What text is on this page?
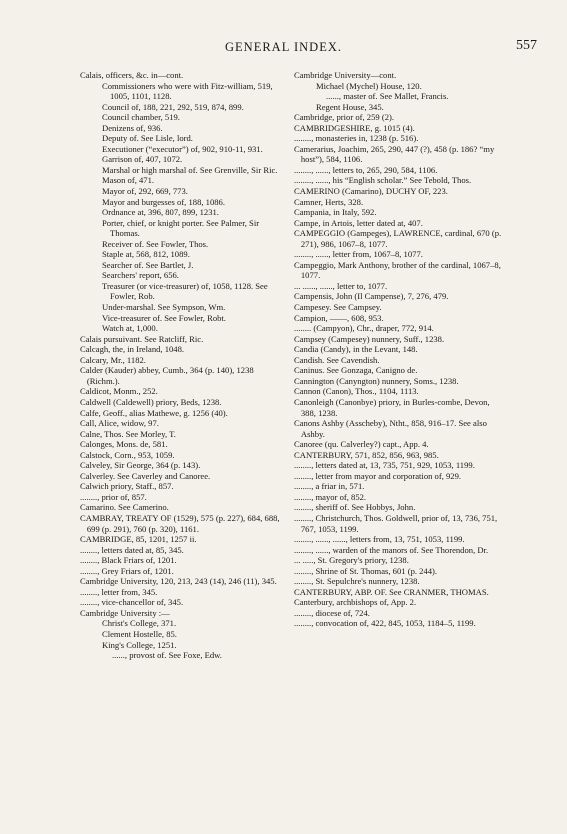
GENERAL INDEX.	557
Calais, officers, &c. in—cont.
Commissioners who were with Fitz-william, 519, 1005, 1101, 1128.
Council of, 188, 221, 292, 519, 874, 899.
Council chamber, 519.
Denizens of, 936.
Deputy of. See Lisle, lord.
Executioner (“executor”) of, 902, 910-11, 931.
Garrison of, 407, 1072.
Marshal or high marshal of. See Grenville, Sir Ric.
Mason of, 471.
Mayor of, 292, 669, 773.
Mayor and burgesses of, 188, 1086.
Ordnance at, 396, 807, 899, 1231.
Porter, chief, or knight porter. See Palmer, Sir Thomas.
Receiver of. See Fowler, Thos.
Staple at, 568, 812, 1089.
Searcher of. See Bartlet, J.
Searchers' report, 656.
Treasurer (or vice-treasurer) of, 1058, 1128. See Fowler, Rob.
Under-marshal. See Sympson, Wm.
Vice-treasurer of. See Fowler, Robt.
Watch at, 1,000.
Calais pursuivant. See Ratcliff, Ric.
Calcagh, the, in Ireland, 1048.
Calcary, Mr., 1182.
Calder (Kauder) abbey, Cumb., 364 (p. 140), 1238 (Richm.).
Caldicot, Monm., 252.
Caldwell (Caldewell) priory, Beds, 1238.
Calfe, Geoff., alias Mathewe, g. 1256 (40).
Call, Alice, widow, 97.
Calne, Thos. See Morley, T.
Calonges, Mons. de, 581.
Calstock, Corn., 953, 1059.
Calveley, Sir George, 364 (p. 143).
Calverley. See Caverley and Canoree.
Calwich priory, Staff., 857.
........, prior of, 857.
Camarino. See Camerino.
CAMBRAY, TREATY OF (1529), 575 (p. 227), 684, 688, 699 (p. 291), 760 (p. 320), 1161.
CAMBRIDGE, 85, 1201, 1257 ii.
........, letters dated at, 85, 345.
........, Black Friars of, 1201.
........, Grey Friars of, 1201.
Cambridge University, 120, 213, 243 (14), 246 (11), 345.
........, letter from, 345.
........, vice-chancellor of, 345.
Cambridge University :—
Christ's College, 371.
Clement Hostelle, 85.
King's College, 1251.
......, provost of. See Foxe, Edw.
Cambridge University—cont.
Michael (Mychel) House, 120.
......, master of. See Mallet, Francis.
Regent House, 345.
Cambridge, prior of, 259 (2).
CAMBRIDGESHIRE, g. 1015 (4).
........, monasteries in, 1238 (p. 516).
Camerarius, Joachim, 265, 290, 447 (?), 458 (p. 186? “my host”), 584, 1106.
........, ......, letters to, 265, 290, 584, 1106.
........, ......, his “English scholar.” See Tebold, Thos.
CAMERINO (Camarino), DUCHY OF, 223.
Camner, Herts, 328.
Campania, in Italy, 592.
Campe, in Artois, letter dated at, 407.
CAMPEGGIO (Gampeges), LAWRENCE, cardinal, 670 (p. 271), 986, 1067–8, 1077.
........, ......, letter from, 1067–8, 1077.
Campeggio, Mark Anthony, brother of the cardinal, 1067–8, 1077.
... ......, ......, letter to, 1077.
Campensis, John (Il Campense), 7, 276, 479.
Campesey. See Campsey.
Campion, ——, 608, 953.
........ (Campyon), Chr., draper, 772, 914.
Campsey (Campesey) nunnery, Suff., 1238.
Candia (Candy), in the Levant, 148.
Candish. See Cavendish.
Caninus. See Gonzaga, Canigno de.
Cannington (Canyngton) nunnery, Soms., 1238.
Cannon (Canon), Thos., 1104, 1113.
Canonleigh (Canonbye) priory, in Burles-combe, Devon, 388, 1238.
Canons Ashby (Asscheby), Ntht., 858, 916–17. See also Ashby.
Canoree (qu. Calverley?) capt., App. 4.
CANTERBURY, 571, 852, 856, 963, 985.
........, letters dated at, 13, 735, 751, 929, 1053, 1199.
........, letter from mayor and corporation of, 929.
........, a friar in, 571.
........, mayor of, 852.
........, sheriff of. See Hobbys, John.
........, Christchurch, Thos. Goldwell, prior of, 13, 736, 751, 767, 1053, 1199.
........, ......, ......, letters from, 13, 751, 1053, 1199.
........, ......, warden of the manors of. See Thorendon, Dr.
... ....., St. Gregory's priory, 1238.
........, Shrine of St. Thomas, 601 (p. 244).
........, St. Sepulchre's nunnery, 1238.
CANTERBURY, ABP. OF. See CRANMER, THOMAS.
Canterbury, archbishops of, App. 2.
........, diocese of, 724.
........, convocation of, 422, 845, 1053, 1184–5, 1199.
